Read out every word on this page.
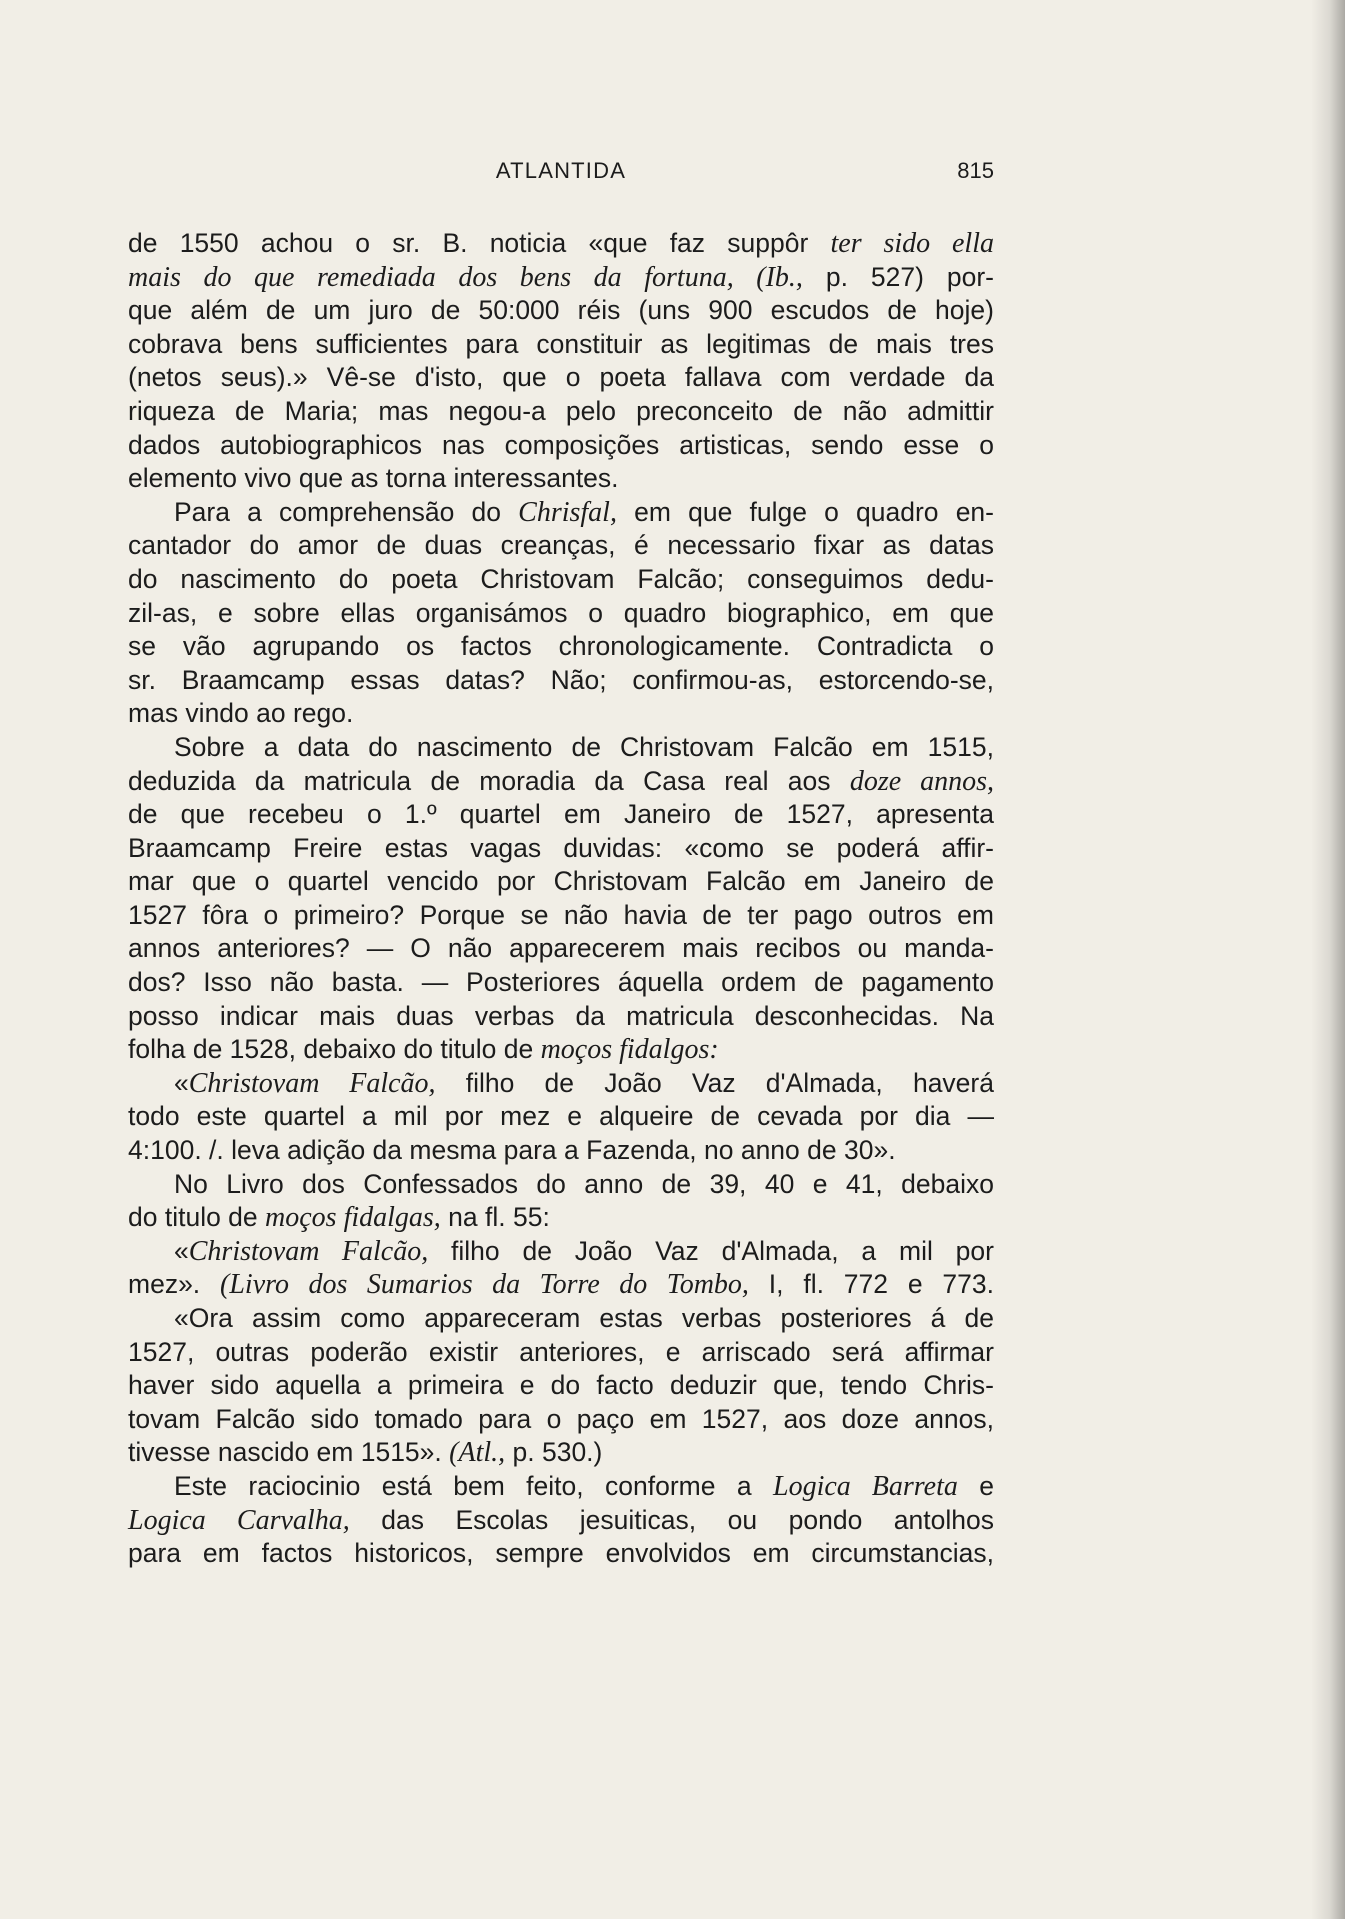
ATLANTIDA	815
de 1550 achou o sr. B. noticia «que faz suppôr ter sido ella
mais do que remediada dos bens da fortuna, (Ib., p. 527) por-
que além de um juro de 50:000 réis (uns 900 escudos de hoje)
cobrava bens sufficientes para constituir as legitimas de mais tres
(netos seus).» Vê-se d'isto, que o poeta fallava com verdade da
riqueza de Maria; mas negou-a pelo preconceito de não admittir
dados autobiographicos nas composições artisticas, sendo esse o
elemento vivo que as torna interessantes.
Para a comprehensão do Chrisfal, em que fulge o quadro en-
cantador do amor de duas creanças, é necessario fixar as datas
do nascimento do poeta Christovam Falcão; conseguimos dedu-
zil-as, e sobre ellas organisámos o quadro biographico, em que
se vão agrupando os factos chronologicamente. Contradicta o
sr. Braamcamp essas datas? Não; confirmou-as, estorcendo-se,
mas vindo ao rego.
Sobre a data do nascimento de Christovam Falcão em 1515,
deduzida da matricula de moradia da Casa real aos doze annos,
de que recebeu o 1.º quartel em Janeiro de 1527, apresenta
Braamcamp Freire estas vagas duvidas: «como se poderá affir-
mar que o quartel vencido por Christovam Falcão em Janeiro de
1527 fôra o primeiro? Porque se não havia de ter pago outros em
annos anteriores? — O não apparecerem mais recibos ou manda-
dos? Isso não basta. — Posteriores áquella ordem de pagamento
posso indicar mais duas verbas da matricula desconhecidas. Na
folha de 1528, debaixo do titulo de moços fidalgos:
«Christovam Falcão, filho de João Vaz d'Almada, haverá
todo este quartel a mil por mez e alqueire de cevada por dia —
4:100. /. leva adição da mesma para a Fazenda, no anno de 30».
No Livro dos Confessados do anno de 39, 40 e 41, debaixo
do titulo de moços fidalgas, na fl. 55:
«Christovam Falcão, filho de João Vaz d'Almada, a mil por
mez». (Livro dos Sumarios da Torre do Tombo, I, fl. 772 e 773.
«Ora assim como appareceram estas verbas posteriores á de
1527, outras poderão existir anteriores, e arriscado será affirmar
haver sido aquella a primeira e do facto deduzir que, tendo Chris-
tovam Falcão sido tomado para o paço em 1527, aos doze annos,
tivesse nascido em 1515». (Atl., p. 530.)
Este raciocinio está bem feito, conforme a Logica Barreta e
Logica Carvalha, das Escolas jesuiticas, ou pondo antolhos
para em factos historicos, sempre envolvidos em circumstancias,
